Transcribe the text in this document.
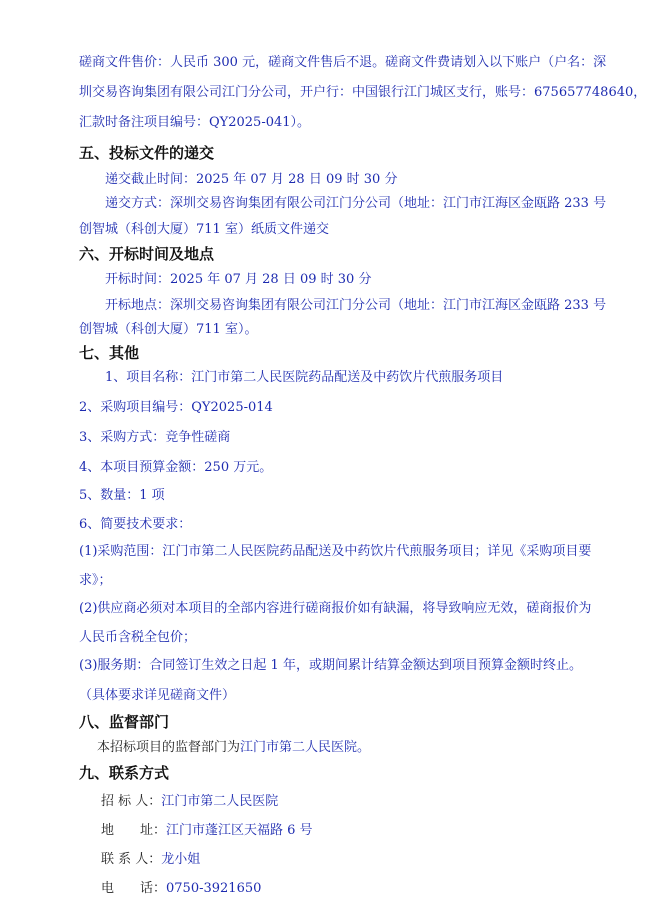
磋商文件售价：人民币 300 元，磋商文件售后不退。磋商文件费请划入以下账户（户名：深
圳交易咨询集团有限公司江门分公司，开户行：中国银行江门城区支行，账号：675657748640，
汇款时备注项目编号：QY2025-041）。
五、投标文件的递交
递交截止时间：2025 年 07 月 28 日 09 时 30 分
递交方式：深圳交易咨询集团有限公司江门分公司（地址：江门市江海区金瓯路 233 号
创智城（科创大厦）711 室）纸质文件递交
六、开标时间及地点
开标时间：2025 年 07 月 28 日 09 时 30 分
开标地点：深圳交易咨询集团有限公司江门分公司（地址：江门市江海区金瓯路 233 号
创智城（科创大厦）711 室）。
七、其他
1、项目名称：江门市第二人民医院药品配送及中药饮片代煎服务项目
2、采购项目编号：QY2025-014
3、采购方式：竞争性磋商
4、本项目预算金额：250 万元。
5、数量：1 项
6、简要技术要求：
(1)采购范围：江门市第二人民医院药品配送及中药饮片代煎服务项目；详见《采购项目要
求》；
(2)供应商必须对本项目的全部内容进行磋商报价如有缺漏，将导致响应无效，磋商报价为
人民币含税全包价；
(3)服务期：合同签订生效之日起 1 年，或期间累计结算金额达到项目预算金额时终止。
（具体要求详见磋商文件）
八、监督部门
本招标项目的监督部门为江门市第二人民医院。
九、联系方式
招 标 人：江门市第二人民医院
地　　址：江门市蓬江区天福路 6 号
联 系 人：龙小姐
电　　话：0750-3921650
